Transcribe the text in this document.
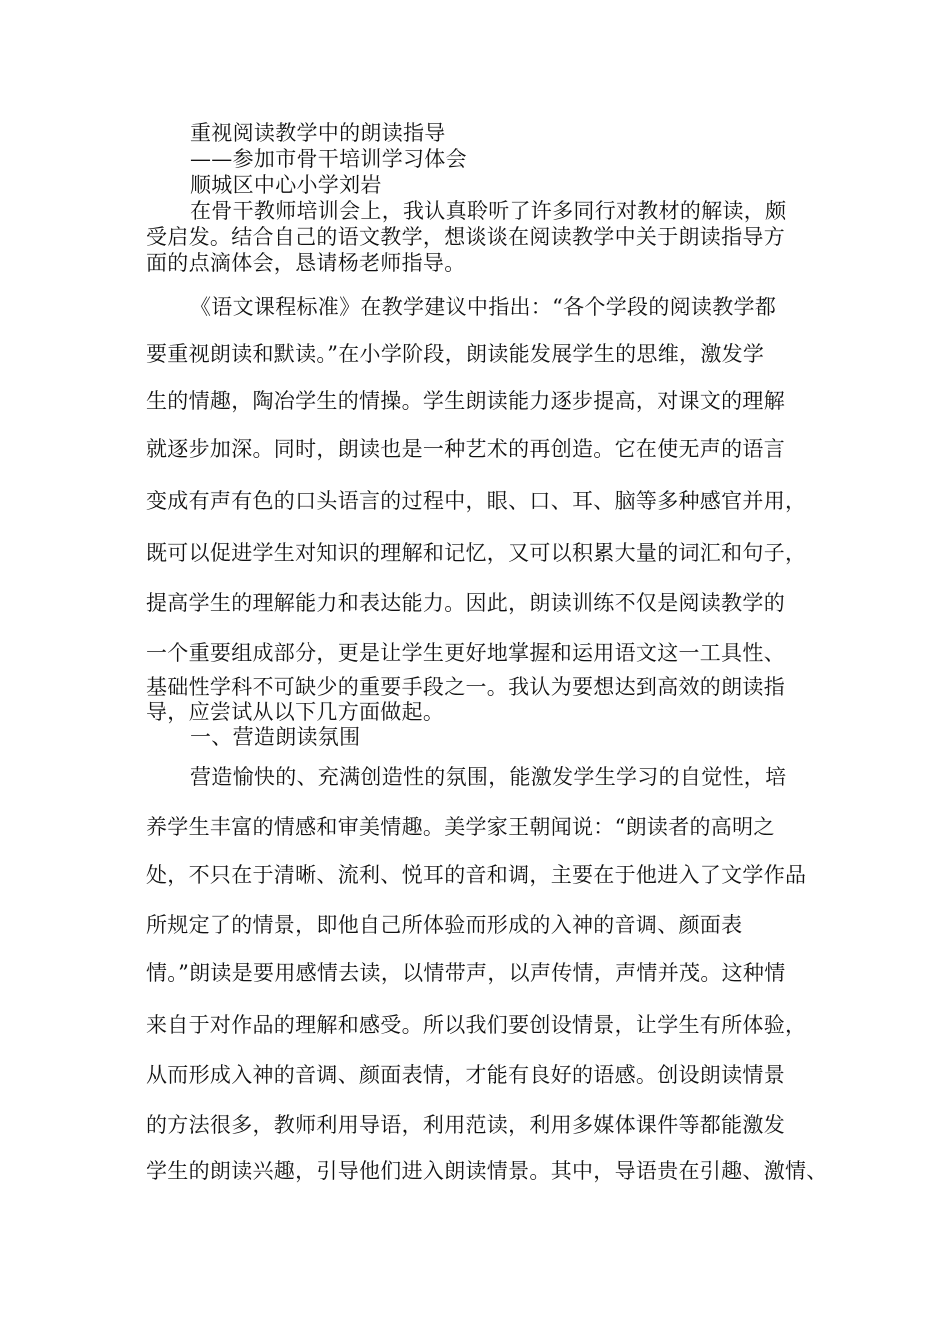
重视阅读教学中的朗读指导
——参加市骨干培训学习体会
顺城区中心小学刘岩
在骨干教师培训会上，我认真聆听了许多同行对教材的解读，颇
受启发。结合自己的语文教学，想谈谈在阅读教学中关于朗读指导方
面的点滴体会，恳请杨老师指导。
《语文课程标准》在教学建议中指出：“各个学段的阅读教学都
要重视朗读和默读。”在小学阶段，朗读能发展学生的思维，激发学
生的情趣，陶冶学生的情操。学生朗读能力逐步提高，对课文的理解
就逐步加深。同时，朗读也是一种艺术的再创造。它在使无声的语言
变成有声有色的口头语言的过程中，眼、口、耳、脑等多种感官并用，
既可以促进学生对知识的理解和记忆，又可以积累大量的词汇和句子，
提高学生的理解能力和表达能力。因此，朗读训练不仅是阅读教学的
一个重要组成部分，更是让学生更好地掌握和运用语文这一工具性、
基础性学科不可缺少的重要手段之一。我认为要想达到高效的朗读指
导，应尝试从以下几方面做起。
一、营造朗读氛围
营造愉快的、充满创造性的氛围，能激发学生学习的自觉性，培
养学生丰富的情感和审美情趣。美学家王朝闻说：“朗读者的高明之
处，不只在于清晰、流利、悦耳的音和调，主要在于他进入了文学作品
所规定了的情景，即他自己所体验而形成的入神的音调、颜面表
情。”朗读是要用感情去读，以情带声，以声传情，声情并茂。这种情
来自于对作品的理解和感受。所以我们要创设情景，让学生有所体验，
从而形成入神的音调、颜面表情，才能有良好的语感。创设朗读情景
的方法很多，教师利用导语，利用范读，利用多媒体课件等都能激发
学生的朗读兴趣，引导他们进入朗读情景。其中，导语贵在引趣、激情、
